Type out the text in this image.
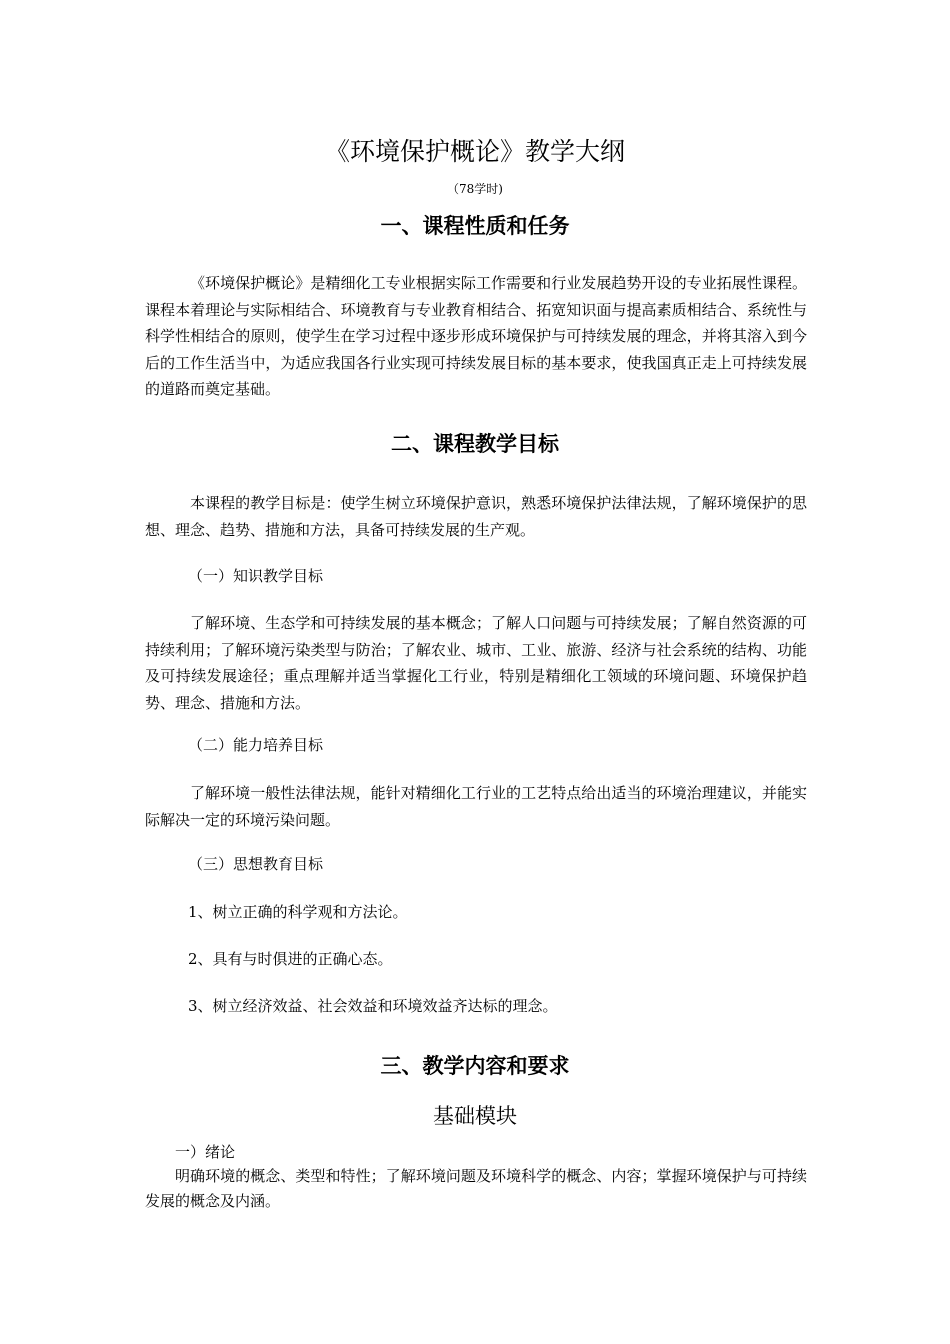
《环境保护概论》教学大纲
（78学时)
一、课程性质和任务

《环境保护概论》是精细化工专业根据实际工作需要和行业发展趋势开设的专业拓展性课程。课程本着理论与实际相结合、环境教育与专业教育相结合、拓宽知识面与提高素质相结合、系统性与科学性相结合的原则，使学生在学习过程中逐步形成环境保护与可持续发展的理念，并将其溶入到今后的工作生活当中，为适应我国各行业实现可持续发展目标的基本要求，使我国真正走上可持续发展的道路而奠定基础。

二、课程教学目标

本课程的教学目标是：使学生树立环境保护意识，熟悉环境保护法律法规，了解环境保护的思想、理念、趋势、措施和方法，具备可持续发展的生产观。

（一）知识教学目标

了解环境、生态学和可持续发展的基本概念；了解人口问题与可持续发展；了解自然资源的可持续利用；了解环境污染类型与防治；了解农业、城市、工业、旅游、经济与社会系统的结构、功能及可持续发展途径；重点理解并适当掌握化工行业，特别是精细化工领域的环境问题、环境保护趋势、理念、措施和方法。

（二）能力培养目标

了解环境一般性法律法规，能针对精细化工行业的工艺特点给出适当的环境治理建议，并能实际解决一定的环境污染问题。

（三）思想教育目标
1、树立正确的科学观和方法论。
2、具有与时俱进的正确心态。
3、树立经济效益、社会效益和环境效益齐达标的理念。
三、教学内容和要求
基础模块
一）绪论

明确环境的概念、类型和特性；了解环境问题及环境科学的概念、内容；掌握环境保护与可持续发展的概念及内涵。
